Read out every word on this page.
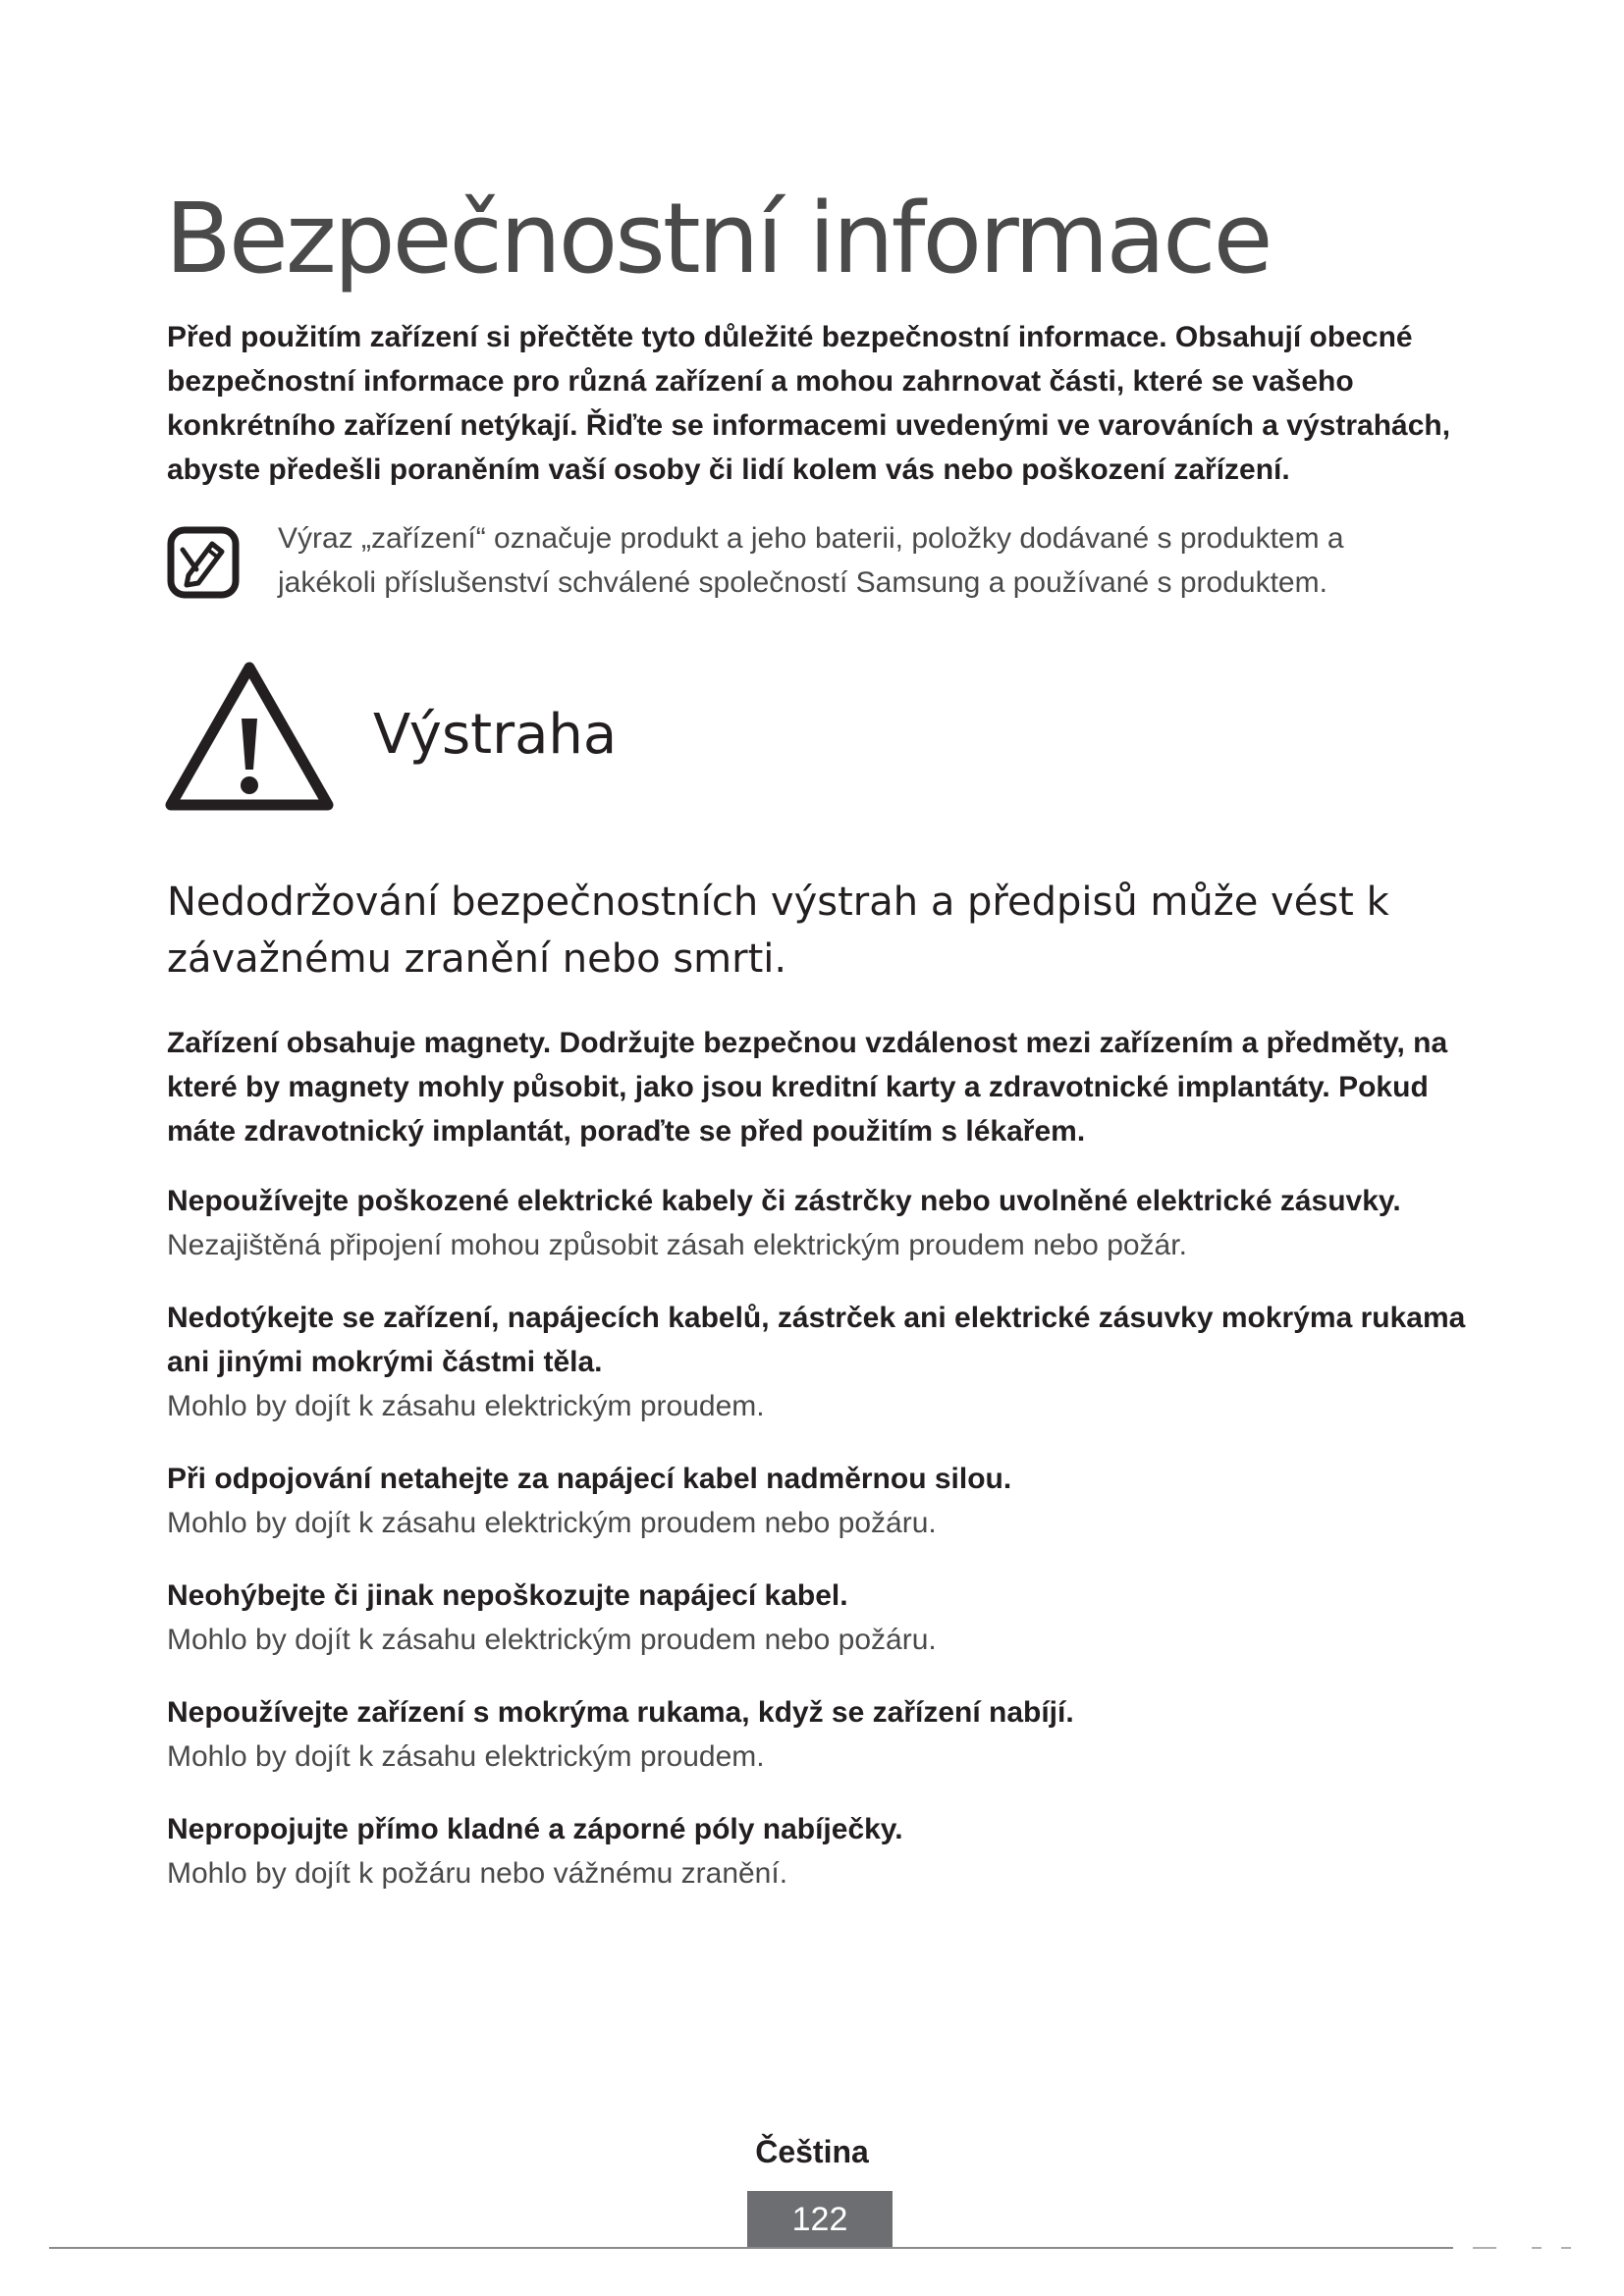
Bezpečnostní informace

Před použitím zařízení si přečtěte tyto důležité bezpečnostní informace. Obsahují obecné bezpečnostní informace pro různá zařízení a mohou zahrnovat části, které se vašeho konkrétního zařízení netýkají. Řiďte se informacemi uvedenými ve varováních a výstrahách, abyste předešli poraněním vaší osoby či lidí kolem vás nebo poškození zařízení.

Výraz „zařízení“ označuje produkt a jeho baterii, položky dodávané s produktem a jakékoli příslušenství schválené společností Samsung a používané s produktem.

Výstraha

Nedodržování bezpečnostních výstrah a předpisů může vést k závažnému zranění nebo smrti.

Zařízení obsahuje magnety. Dodržujte bezpečnou vzdálenost mezi zařízením a předměty, na které by magnety mohly působit, jako jsou kreditní karty a zdravotnické implantáty. Pokud máte zdravotnický implantát, poraďte se před použitím s lékařem.

Nepoužívejte poškozené elektrické kabely či zástrčky nebo uvolněné elektrické zásuvky.

Nezajištěná připojení mohou způsobit zásah elektrickým proudem nebo požár.

Nedotýkejte se zařízení, napájecích kabelů, zástrček ani elektrické zásuvky mokrýma rukama ani jinými mokrými částmi těla.

Mohlo by dojít k zásahu elektrickým proudem.

Při odpojování netahejte za napájecí kabel nadměrnou silou.

Mohlo by dojít k zásahu elektrickým proudem nebo požáru.

Neohýbejte či jinak nepoškozujte napájecí kabel.

Mohlo by dojít k zásahu elektrickým proudem nebo požáru.

Nepoužívejte zařízení s mokrýma rukama, když se zařízení nabíjí.

Mohlo by dojít k zásahu elektrickým proudem.

Nepropojujte přímo kladné a záporné póly nabíječky.

Mohlo by dojít k požáru nebo vážnému zranění.

Čeština
122
